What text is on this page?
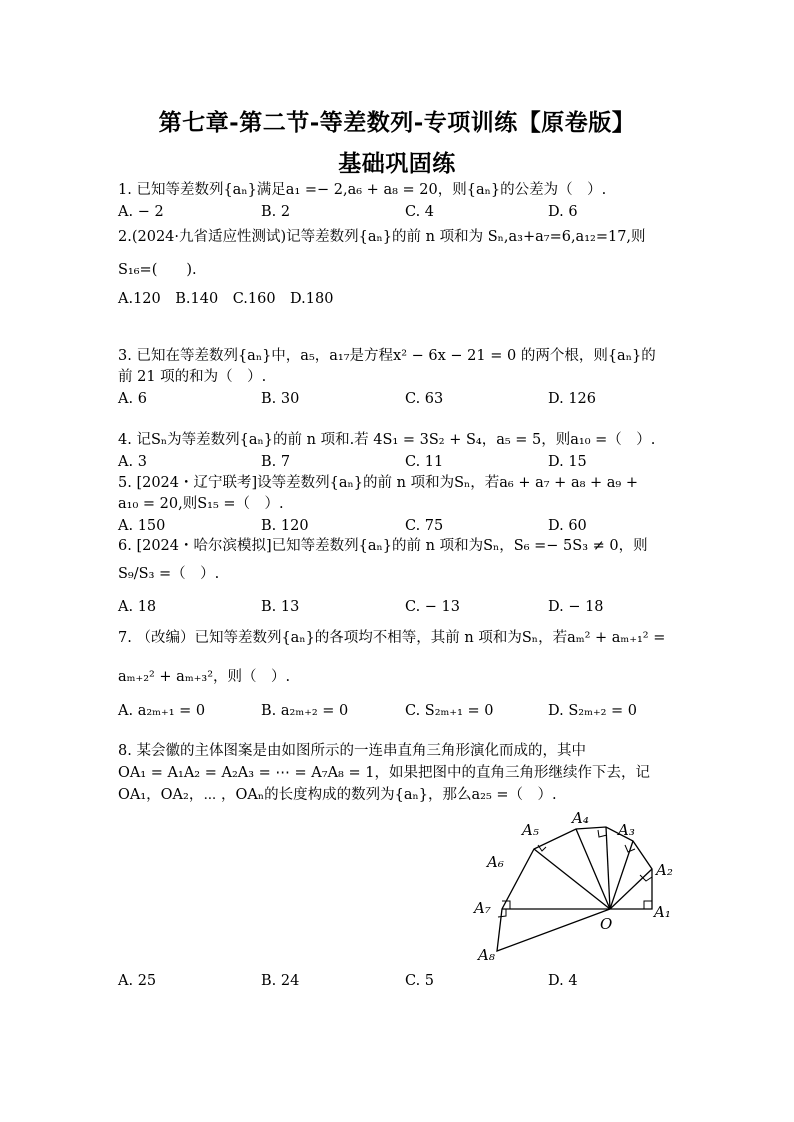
第七章-第二节-等差数列-专项训练【原卷版】
基础巩固练
1. 已知等差数列{aₙ}满足a₁ =− 2,a₆ + a₈ = 20，则{aₙ}的公差为（　）.
A. − 2	B. 2	C. 4	D. 6
2.(2024·九省适应性测试)记等差数列{aₙ}的前 n 项和为 Sₙ,a₃+a₇=6,a₁₂=17,则
S₁₆=(　　).
A.120　B.140　C.160　D.180
3. 已知在等差数列{aₙ}中，a₅，a₁₇是方程x² − 6x − 21 = 0 的两个根，则{aₙ}的
前 21 项的和为（　）.
A. 6	B. 30	C. 63	D. 126
4. 记Sₙ为等差数列{aₙ}的前 n 项和.若 4S₁ = 3S₂ + S₄，a₅ = 5，则a₁₀ =（　）.
A. 3	B. 7	C. 11	D. 15
5. [2024・辽宁联考]设等差数列{aₙ}的前 n 项和为Sₙ，若a₆ + a₇ + a₈ + a₉ +
a₁₀ = 20,则S₁₅ =（　）.
A. 150	B. 120	C. 75	D. 60
6. [2024・哈尔滨模拟]已知等差数列{aₙ}的前 n 项和为Sₙ，S₆ =− 5S₃ ≠ 0，则
S₉/S₃ =（　）.
A. 18	B. 13	C. − 13	D. − 18
7. （改编）已知等差数列{aₙ}的各项均不相等，其前 n 项和为Sₙ，若aₘ² + aₘ₊₁² =
aₘ₊₂² + aₘ₊₃²，则（　）.
A. a₂ₘ₊₁ = 0	B. a₂ₘ₊₂ = 0	C. S₂ₘ₊₁ = 0	D. S₂ₘ₊₂ = 0
8. 某会徽的主体图案是由如图所示的一连串直角三角形演化而成的，其中
OA₁ = A₁A₂ = A₂A₃ = ⋯ = A₇A₈ = 1，如果把图中的直角三角形继续作下去，记
OA₁，OA₂，⋯ ，OAₙ的长度构成的数列为{aₙ}，那么a₂₅ =（　）.
A₁
A₂
A₃
A₄
A₅
A₆
A₇
A₈
O
A. 25	B. 24	C. 5	D. 4
